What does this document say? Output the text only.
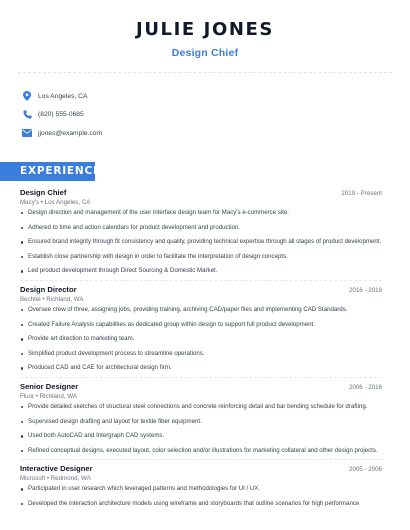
JULIE JONES
Design Chief
Los Angeles, CA
(820) 555-0685
jjones@example.com
EXPERIENCE
Design Chief	2019 - Present
Macy's • Los Angeles, CA
Design direction and management of the user interface design team for Macy's e-commerce site.
Adhered to time and action calendars for product development and production.
Ensured brand integrity through fit consistency and quality, providing technical expertise through all stages of product development.
Establish close partnership with design in order to facilitate the interpretation of design concepts.
Led product development through Direct Sourcing & Domestic Market.
Design Director	2016 - 2019
Bechtel • Richland, WA
Oversee crew of three, assigning jobs, providing training, archiving CAD/paper files and implementing CAD Standards.
Created Failure Analysis capabilities as dedicated group within design to support full product development.
Provide art direction to marketing team.
Simplified product development process to streamline operations.
Produced CAD and CAE for architectural design firm.
Senior Designer	2006 - 2016
Fluor • Richland, WA
Provide detailed sketches of structural steel connections and concrete reinforcing detail and bar bending schedule for drafting.
Supervised design drafting and layout for textile fiber equipment.
Used both AutoCAD and Intergraph CAD systems.
Refined conceptual designs, executed layout, color selection and/or illustrations for marketing collateral and other design projects.
Interactive Designer	2005 - 2006
Microsoft • Redmond, WA
Participated in user research which leveraged patterns and methodologies for UI / UX.
Developed the interaction architecture models using wireframe and storyboards that outline scenarios for high performance
